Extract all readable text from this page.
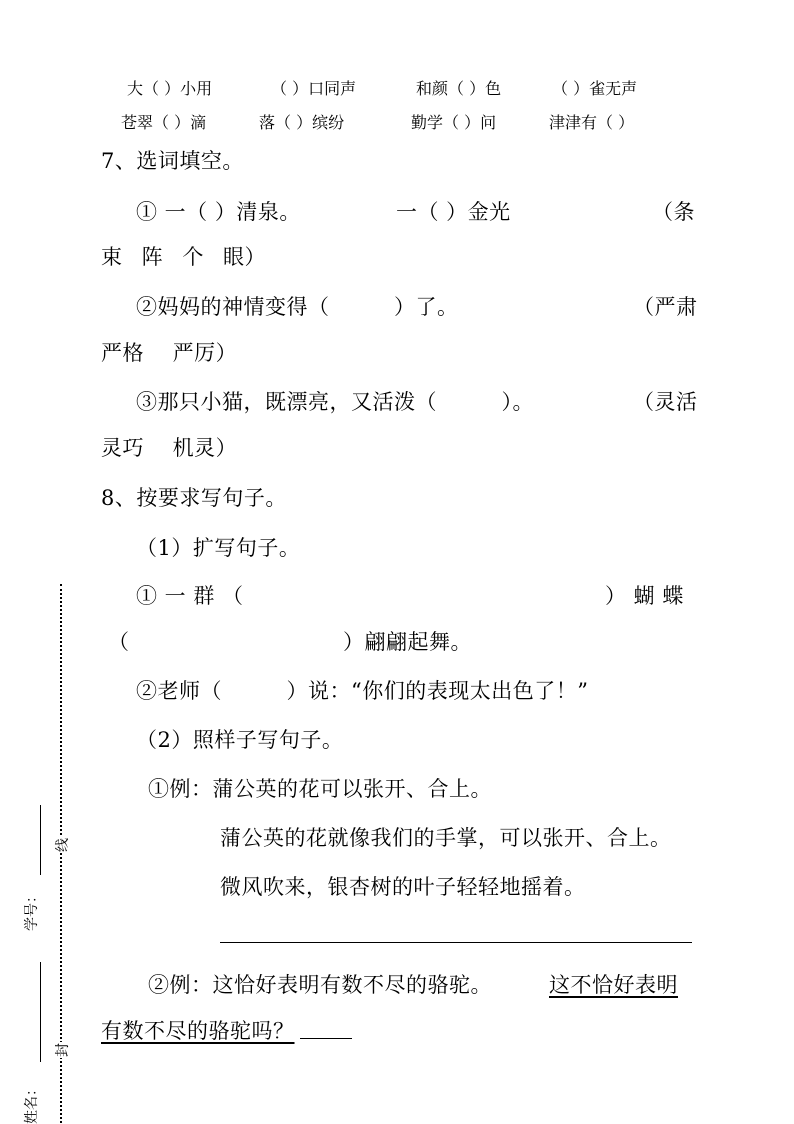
大（ ）小用	（ ）口同声	和颜（ ）色	（ ）雀无声
苍翠（ ）滴	落（ ）缤纷	勤学（ ）问	津津有（ ）
7、选词填空。
① 一（ ）清泉。	一（ ）金光	（条
束 阵 个 眼）
②妈妈的神情变得（　　　）了。	（严肃
严格　 严厉）
③那只小猫，既漂亮，又活泼（　　　）。	（灵活
灵巧　 机灵）
8、按要求写句子。
（1）扩写句子。
① 一 群 （	） 蝴 蝶
（	）翩翩起舞。
②老师（　　　）说：“你们的表现太出色了！”
（2）照样子写句子。
①例：蒲公英的花可以张开、合上。
蒲公英的花就像我们的手掌，可以张开、合上。
微风吹来，银杏树的叶子轻轻地摇着。
②例：这恰好表明有数不尽的骆驼。	这不恰好表明
有数不尽的骆驼吗？
学号：
线
姓名：
封
